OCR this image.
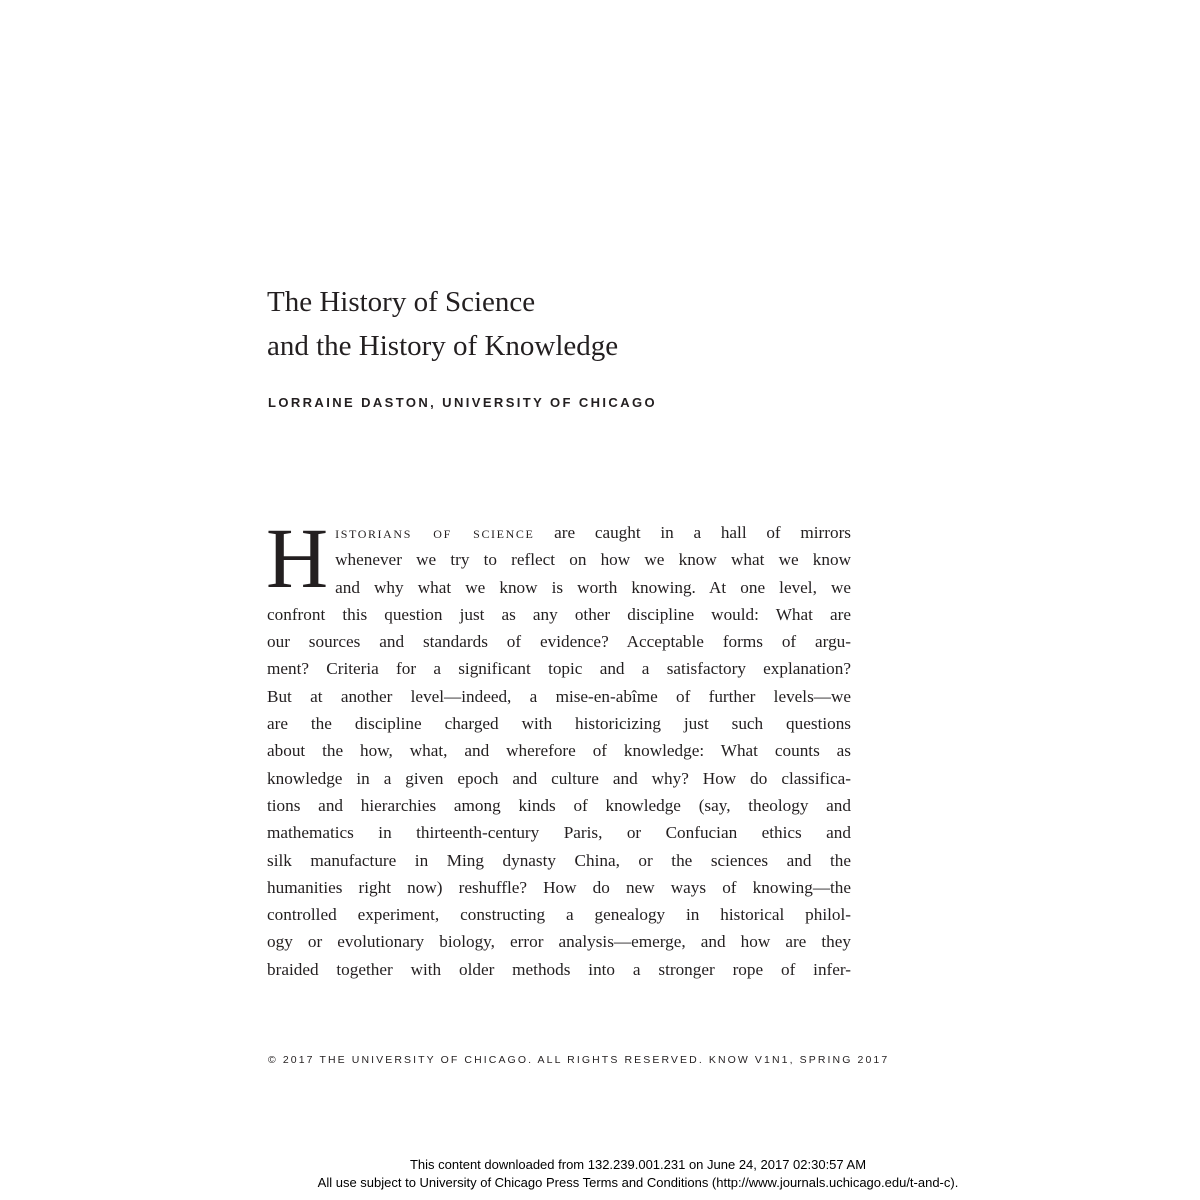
The History of Science
and the History of Knowledge
LORRAINE DASTON, UNIVERSITY OF CHICAGO
H istorians of science are caught in a hall of mirrors
whenever we try to reflect on how we know what we know
and why what we know is worth knowing. At one level, we
confront this question just as any other discipline would: What are
our sources and standards of evidence? Acceptable forms of argu-
ment? Criteria for a significant topic and a satisfactory explanation?
But at another level—indeed, a mise-en-abîme of further levels—we
are the discipline charged with historicizing just such questions
about the how, what, and wherefore of knowledge: What counts as
knowledge in a given epoch and culture and why? How do classifica-
tions and hierarchies among kinds of knowledge (say, theology and
mathematics in thirteenth-century Paris, or Confucian ethics and
silk manufacture in Ming dynasty China, or the sciences and the
humanities right now) reshuffle? How do new ways of knowing—the
controlled experiment, constructing a genealogy in historical philol-
ogy or evolutionary biology, error analysis—emerge, and how are they
braided together with older methods into a stronger rope of infer-
© 2017 THE UNIVERSITY OF CHICAGO. ALL RIGHTS RESERVED. KNOW V1N1, SPRING 2017
This content downloaded from 132.239.001.231 on June 24, 2017 02:30:57 AM
All use subject to University of Chicago Press Terms and Conditions (http://www.journals.uchicago.edu/t-and-c).
